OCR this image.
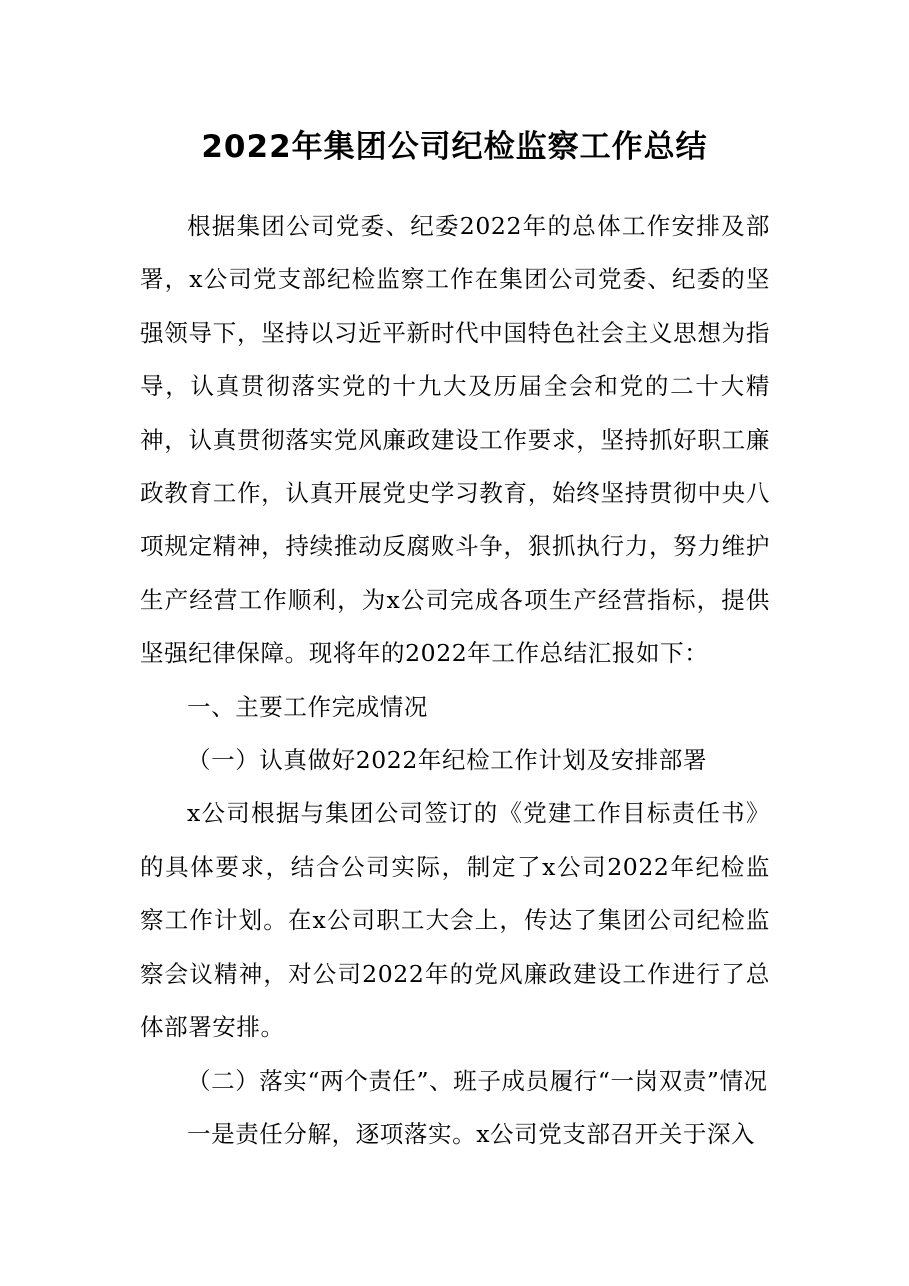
2022年集团公司纪检监察工作总结

根据集团公司党委、纪委2022年的总体工作安排及部署，x公司党支部纪检监察工作在集团公司党委、纪委的坚强领导下，坚持以习近平新时代中国特色社会主义思想为指导，认真贯彻落实党的十九大及历届全会和党的二十大精神，认真贯彻落实党风廉政建设工作要求，坚持抓好职工廉政教育工作，认真开展党史学习教育，始终坚持贯彻中央八项规定精神，持续推动反腐败斗争，狠抓执行力，努力维护生产经营工作顺利，为x公司完成各项生产经营指标，提供坚强纪律保障。现将年的2022年工作总结汇报如下：

一、主要工作完成情况

（一）认真做好2022年纪检工作计划及安排部署

x公司根据与集团公司签订的《党建工作目标责任书》的具体要求，结合公司实际，制定了x公司2022年纪检监察工作计划。在x公司职工大会上，传达了集团公司纪检监察会议精神，对公司2022年的党风廉政建设工作进行了总体部署安排。

（二）落实“两个责任”、班子成员履行“一岗双责”情况

一是责任分解，逐项落实。x公司党支部召开关于深入
